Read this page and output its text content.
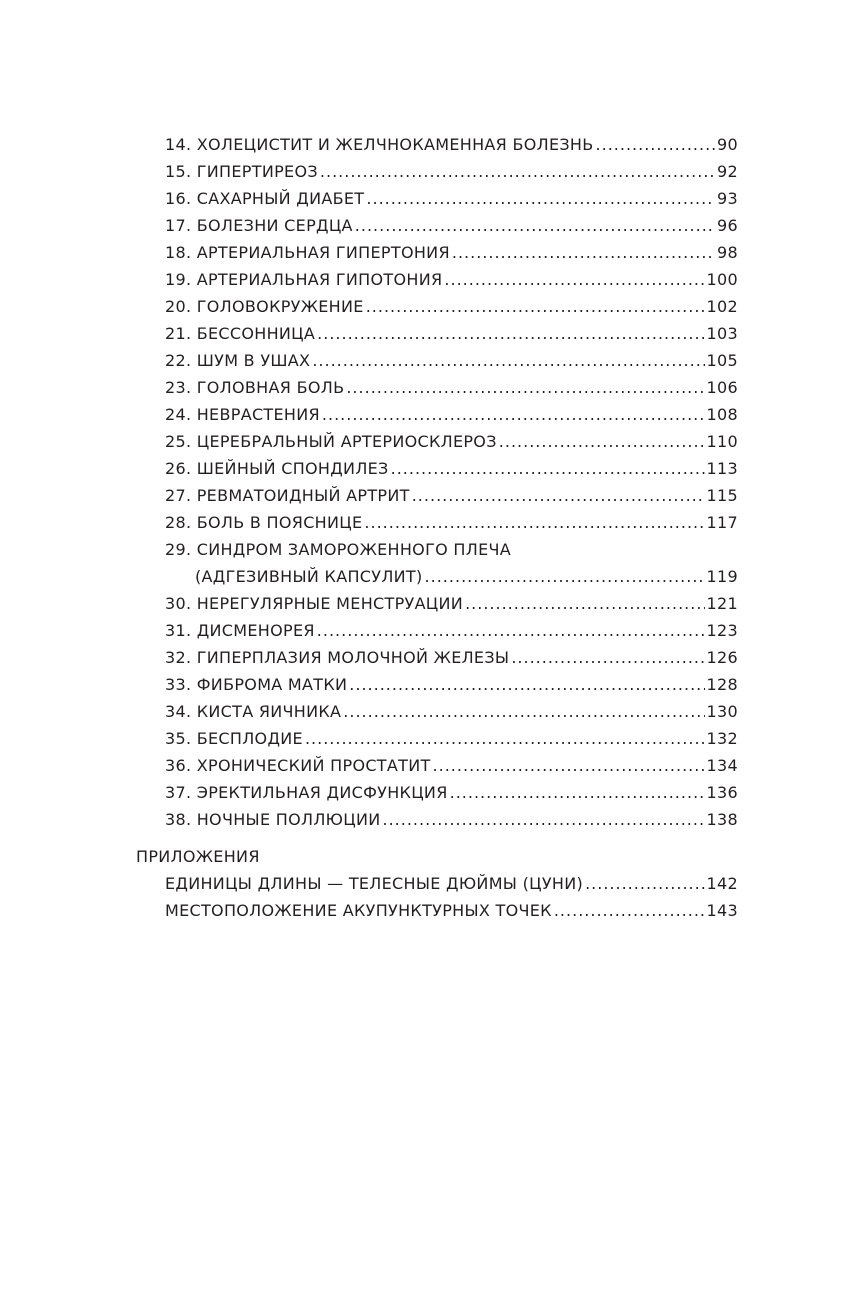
14. ХОЛЕЦИСТИТ И ЖЕЛЧНОКАМЕННАЯ БОЛЕЗНЬ .....	90
15. ГИПЕРТИРЕОЗ .....	92
16. САХАРНЫЙ ДИАБЕТ .....	93
17. БОЛЕЗНИ СЕРДЦА .....	96
18. АРТЕРИАЛЬНАЯ ГИПЕРТОНИЯ .....	98
19. АРТЕРИАЛЬНАЯ ГИПОТОНИЯ .....	100
20. ГОЛОВОКРУЖЕНИЕ .....	102
21. БЕССОННИЦА .....	103
22. ШУМ В УШАХ .....	105
23. ГОЛОВНАЯ БОЛЬ .....	106
24. НЕВРАСТЕНИЯ .....	108
25. ЦЕРЕБРАЛЬНЫЙ АРТЕРИОСКЛЕРОЗ .....	110
26. ШЕЙНЫЙ СПОНДИЛЕЗ .....	113
27. РЕВМАТОИДНЫЙ АРТРИТ .....	115
28. БОЛЬ В ПОЯСНИЦЕ .....	117
29. СИНДРОМ ЗАМОРОЖЕННОГО ПЛЕЧА
(АДГЕЗИВНЫЙ КАПСУЛИТ) .....	119
30. НЕРЕГУЛЯРНЫЕ МЕНСТРУАЦИИ .....	121
31. ДИСМЕНОРЕЯ .....	123
32. ГИПЕРПЛАЗИЯ МОЛОЧНОЙ ЖЕЛЕЗЫ .....	126
33. ФИБРОМА МАТКИ .....	128
34. КИСТА ЯИЧНИКА .....	130
35. БЕСПЛОДИЕ .....	132
36. ХРОНИЧЕСКИЙ ПРОСТАТИТ .....	134
37. ЭРЕКТИЛЬНАЯ ДИСФУНКЦИЯ .....	136
38. НОЧНЫЕ ПОЛЛЮЦИИ .....	138
ПРИЛОЖЕНИЯ
ЕДИНИЦЫ ДЛИНЫ — ТЕЛЕСНЫЕ ДЮЙМЫ (ЦУНИ) .....	142
МЕСТОПОЛОЖЕНИЕ АКУПУНКТУРНЫХ ТОЧЕК .....	143
